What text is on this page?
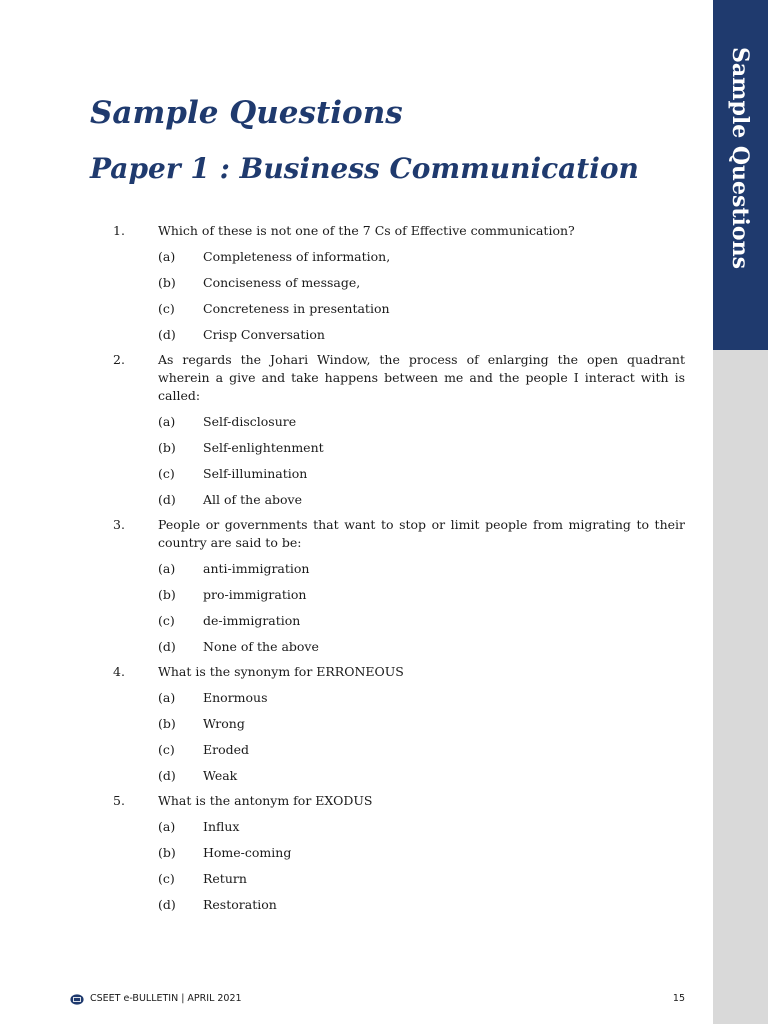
Sample Questions
Sample Questions
Paper 1 : Business Communication
1.	Which of these is not one of the 7 Cs of Effective communication?
(a)	Completeness of information,
(b)	Conciseness of message,
(c)	Concreteness in presentation
(d)	Crisp Conversation
2.	As regards the Johari Window, the process of enlarging the open quadrant wherein a give and take happens between me and the people I interact with is called:
(a)	Self-disclosure
(b)	Self-enlightenment
(c)	Self-illumination
(d)	All of the above
3.	People or governments that want to stop or limit people from migrating to their country are said to be:
(a)	anti-immigration
(b)	pro-immigration
(c)	de-immigration
(d)	None of the above
4.	What is the synonym for ERRONEOUS
(a)	Enormous
(b)	Wrong
(c)	Eroded
(d)	Weak
5.	What is the antonym for EXODUS
(a)	Influx
(b)	Home-coming
(c)	Return
(d)	Restoration
CSEET e-BULLETIN | APRIL 2021	15
